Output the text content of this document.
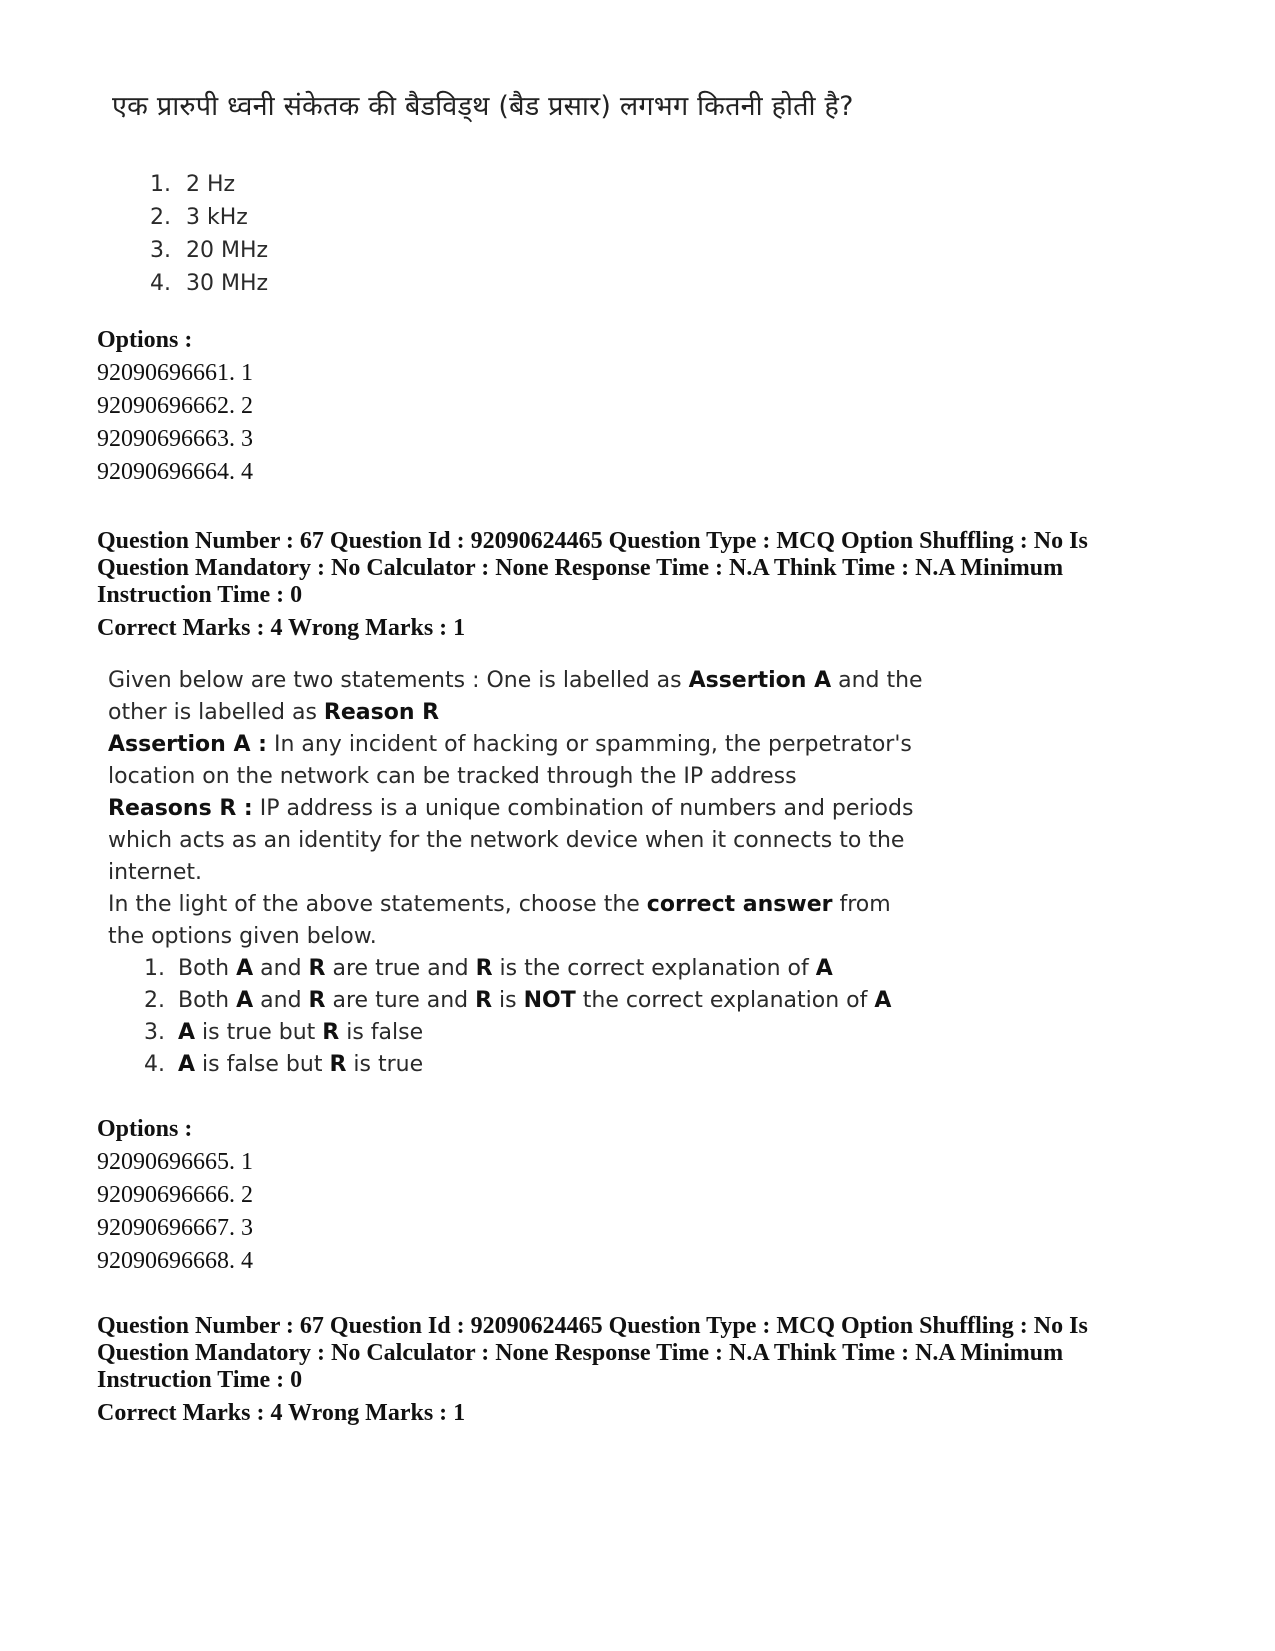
एक प्रारुपी ध्वनी संकेतक की बैडविड्थ (बैड प्रसार) लगभग कितनी होती है?
1. 2 Hz
2. 3 kHz
3. 20 MHz
4. 30 MHz
Options :
92090696661. 1
92090696662. 2
92090696663. 3
92090696664. 4
Question Number : 67 Question Id : 92090624465 Question Type : MCQ Option Shuffling : No Is
Question Mandatory : No Calculator : None Response Time : N.A Think Time : N.A Minimum
Instruction Time : 0
Correct Marks : 4 Wrong Marks : 1

Given below are two statements : One is labelled as Assertion A and the other is labelled as Reason R

Assertion A : In any incident of hacking or spamming, the perpetrator's location on the network can be tracked through the IP address

Reasons R : IP address is a unique combination of numbers and periods which acts as an identity for the network device when it connects to the internet.

In the light of the above statements, choose the correct answer from the options given below.

1. Both A and R are true and R is the correct explanation of A
2. Both A and R are ture and R is NOT the correct explanation of A
3. A is true but R is false
4. A is false but R is true
Options :
92090696665. 1
92090696666. 2
92090696667. 3
92090696668. 4
Question Number : 67 Question Id : 92090624465 Question Type : MCQ Option Shuffling : No Is
Question Mandatory : No Calculator : None Response Time : N.A Think Time : N.A Minimum
Instruction Time : 0
Correct Marks : 4 Wrong Marks : 1
